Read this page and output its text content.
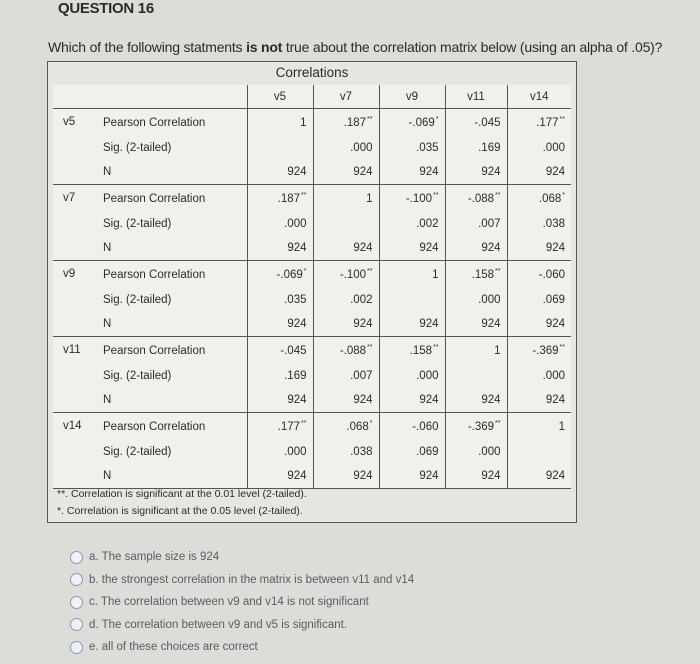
QUESTION 16
Which of the following statments is not true about the correlation matrix below (using an alpha of .05)?
Correlations
		v5	v7	v9	v11	v14
v5	Pearson Correlation	1	.187**	-.069*	-.045	.177**
	Sig. (2-tailed)		.000	.035	.169	.000
	N	924	924	924	924	924
v7	Pearson Correlation	.187**	1	-.100**	-.088**	.068*
	Sig. (2-tailed)	.000		.002	.007	.038
	N	924	924	924	924	924
v9	Pearson Correlation	-.069*	-.100**	1	.158**	-.060
	Sig. (2-tailed)	.035	.002		.000	.069
	N	924	924	924	924	924
v11	Pearson Correlation	-.045	-.088**	.158**	1	-.369**
	Sig. (2-tailed)	.169	.007	.000		.000
	N	924	924	924	924	924
v14	Pearson Correlation	.177**	.068*	-.060	-.369**	1
	Sig. (2-tailed)	.000	.038	.069	.000	
	N	924	924	924	924	924
**. Correlation is significant at the 0.01 level (2-tailed).
*. Correlation is significant at the 0.05 level (2-tailed).
a. The sample size is 924
b. the strongest correlation in the matrix is between v11 and v14
c. The correlation between v9 and v14 is not significant
d. The correlation between v9 and v5 is significant.
e. all of these choices are correct
